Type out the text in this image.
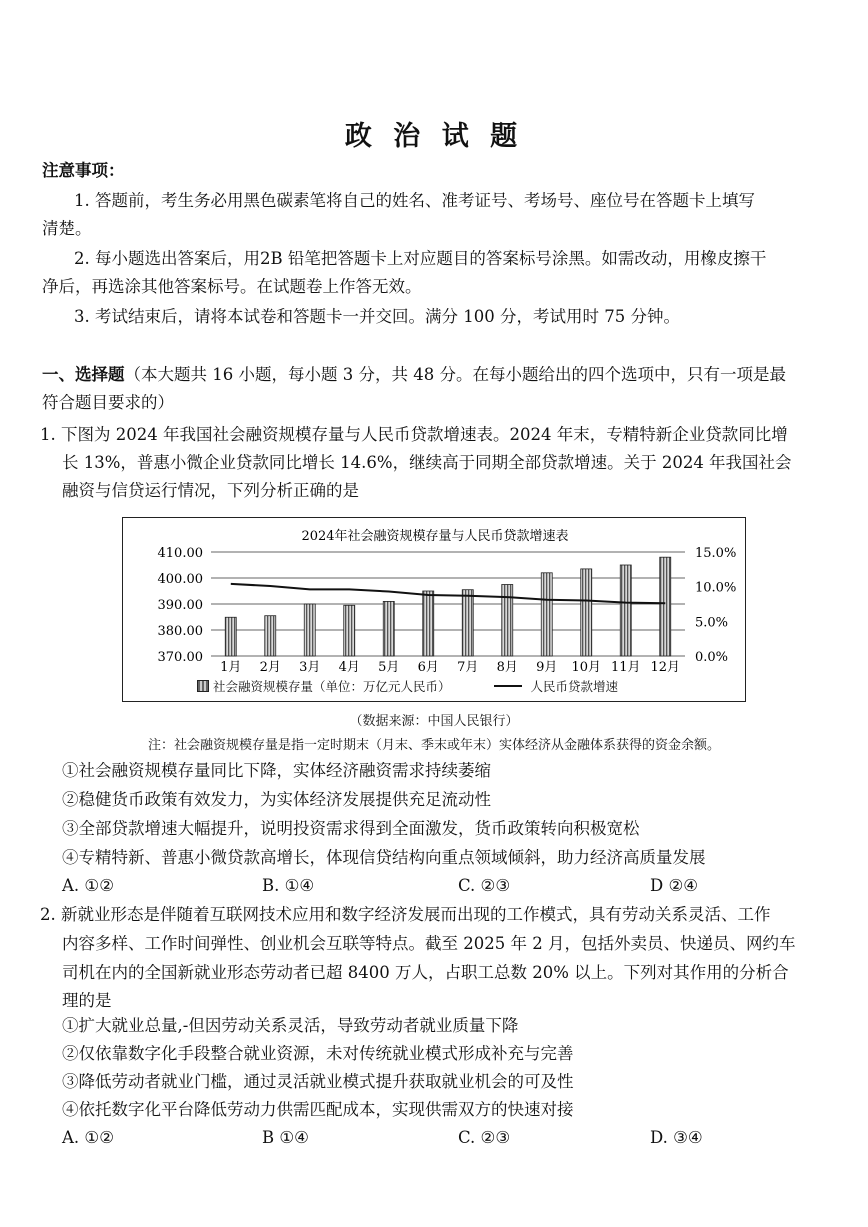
政 治 试 题
注意事项：
1. 答题前，考生务必用黑色碳素笔将自己的姓名、准考证号、考场号、座位号在答题卡上填写
清楚。
2. 每小题选出答案后，用2B 铅笔把答题卡上对应题目的答案标号涂黑。如需改动，用橡皮擦干
净后，再选涂其他答案标号。在试题卷上作答无效。
3. 考试结束后，请将本试卷和答题卡一并交回。满分 100 分，考试用时 75 分钟。
一、选择题（本大题共 16 小题，每小题 3 分，共 48 分。在每小题给出的四个选项中，只有一项是最
符合题目要求的）
1. 下图为 2024 年我国社会融资规模存量与人民币贷款增速表。2024 年末，专精特新企业贷款同比增
长 13%，普惠小微企业贷款同比增长 14.6%，继续高于同期全部贷款增速。关于 2024 年我国社会
融资与信贷运行情况，下列分析正确的是
2024年社会融资规模存量与人民币贷款增速表
410.00
400.00
390.00
380.00
370.00
15.0%
10.0%
5.0%
0.0%
1月 2月 3月 4月 5月 6月 7月 8月 9月 10月 11月 12月
社会融资规模存量（单位：万亿元人民币）	人民币贷款增速
（数据来源：中国人民银行）
注：社会融资规模存量是指一定时期末（月末、季末或年末）实体经济从金融体系获得的资金余额。
①社会融资规模存量同比下降，实体经济融资需求持续萎缩
②稳健货币政策有效发力，为实体经济发展提供充足流动性
③全部贷款增速大幅提升，说明投资需求得到全面激发，货币政策转向积极宽松
④专精特新、普惠小微贷款高增长，体现信贷结构向重点领域倾斜，助力经济高质量发展
A. ①②	B. ①④	C. ②③	D ②④
2. 新就业形态是伴随着互联网技术应用和数字经济发展而出现的工作模式，具有劳动关系灵活、工作
内容多样、工作时间弹性、创业机会互联等特点。截至 2025 年 2 月，包括外卖员、快递员、网约车
司机在内的全国新就业形态劳动者已超 8400 万人，占职工总数 20% 以上。下列对其作用的分析合
理的是
①扩大就业总量,-但因劳动关系灵活，导致劳动者就业质量下降
②仅依靠数字化手段整合就业资源，未对传统就业模式形成补充与完善
③降低劳动者就业门槛，通过灵活就业模式提升获取就业机会的可及性
④依托数字化平台降低劳动力供需匹配成本，实现供需双方的快速对接
A. ①②	B ①④	C. ②③	D. ③④
